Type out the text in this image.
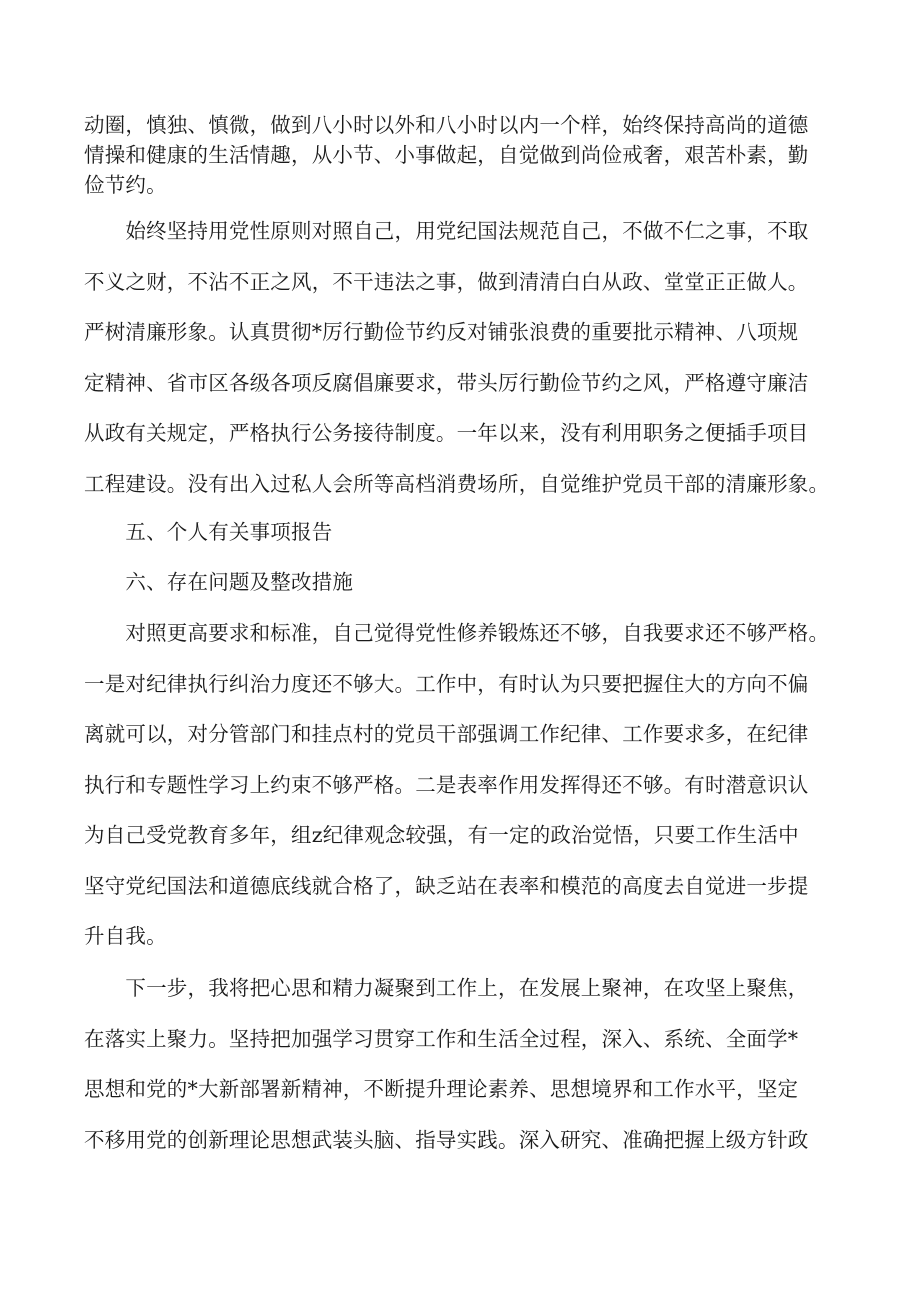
动圈，慎独、慎微，做到八小时以外和八小时以内一个样，始终保持高尚的道德
情操和健康的生活情趣，从小节、小事做起，自觉做到尚俭戒奢，艰苦朴素，勤
俭节约。

　　始终坚持用党性原则对照自己，用党纪国法规范自己，不做不仁之事，不取
不义之财，不沾不正之风，不干违法之事，做到清清白白从政、堂堂正正做人。
严树清廉形象。认真贯彻*厉行勤俭节约反对铺张浪费的重要批示精神、八项规
定精神、省市区各级各项反腐倡廉要求，带头厉行勤俭节约之风，严格遵守廉洁
从政有关规定，严格执行公务接待制度。一年以来，没有利用职务之便插手项目
工程建设。没有出入过私人会所等高档消费场所，自觉维护党员干部的清廉形象。

　　五、个人有关事项报告

　　六、存在问题及整改措施

　　对照更高要求和标准，自己觉得党性修养锻炼还不够，自我要求还不够严格。
一是对纪律执行纠治力度还不够大。工作中，有时认为只要把握住大的方向不偏
离就可以，对分管部门和挂点村的党员干部强调工作纪律、工作要求多，在纪律
执行和专题性学习上约束不够严格。二是表率作用发挥得还不够。有时潜意识认
为自己受党教育多年，组z纪律观念较强，有一定的政治觉悟，只要工作生活中
坚守党纪国法和道德底线就合格了，缺乏站在表率和模范的高度去自觉进一步提
升自我。

　　下一步，我将把心思和精力凝聚到工作上，在发展上聚神，在攻坚上聚焦，
在落实上聚力。坚持把加强学习贯穿工作和生活全过程，深入、系统、全面学*
思想和党的*大新部署新精神，不断提升理论素养、思想境界和工作水平，坚定
不移用党的创新理论思想武装头脑、指导实践。深入研究、准确把握上级方针政
